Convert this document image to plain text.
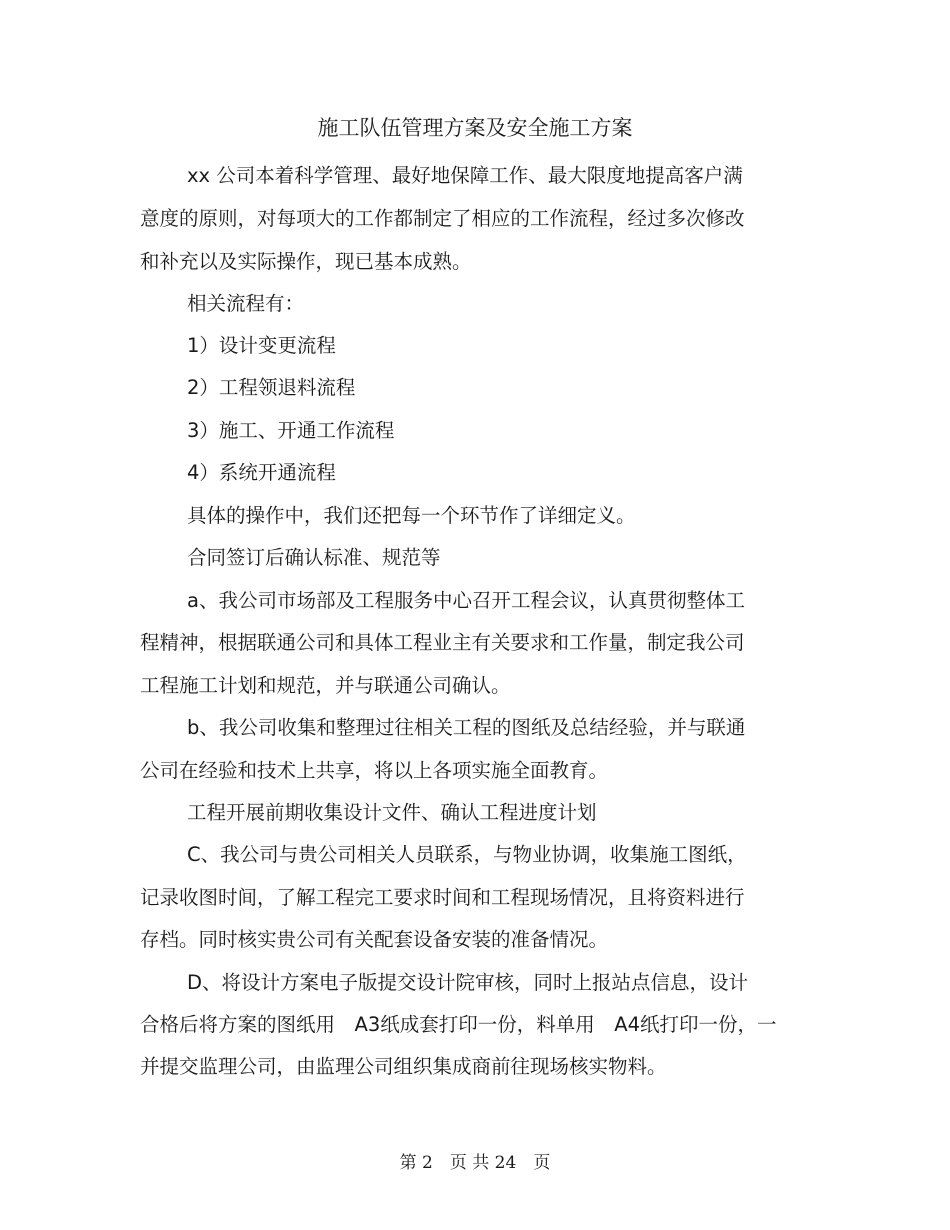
施工队伍管理方案及安全施工方案
xx 公司本着科学管理、最好地保障工作、最大限度地提高客户满
意度的原则，对每项大的工作都制定了相应的工作流程，经过多次修改
和补充以及实际操作，现已基本成熟。
相关流程有：
1）设计变更流程
2）工程领退料流程
3）施工、开通工作流程
4）系统开通流程
具体的操作中，我们还把每一个环节作了详细定义。
合同签订后确认标准、规范等
a、我公司市场部及工程服务中心召开工程会议，认真贯彻整体工
程精神，根据联通公司和具体工程业主有关要求和工作量，制定我公司
工程施工计划和规范，并与联通公司确认。
b、我公司收集和整理过往相关工程的图纸及总结经验，并与联通
公司在经验和技术上共享，将以上各项实施全面教育。
工程开展前期收集设计文件、确认工程进度计划
C、我公司与贵公司相关人员联系，与物业协调，收集施工图纸，
记录收图时间，了解工程完工要求时间和工程现场情况，且将资料进行
存档。同时核实贵公司有关配套设备安装的准备情况。
D、将设计方案电子版提交设计院审核，同时上报站点信息，设计
合格后将方案的图纸用　A3纸成套打印一份，料单用　A4纸打印一份，一
并提交监理公司，由监理公司组织集成商前往现场核实物料。
第 2　页 共 24　页
